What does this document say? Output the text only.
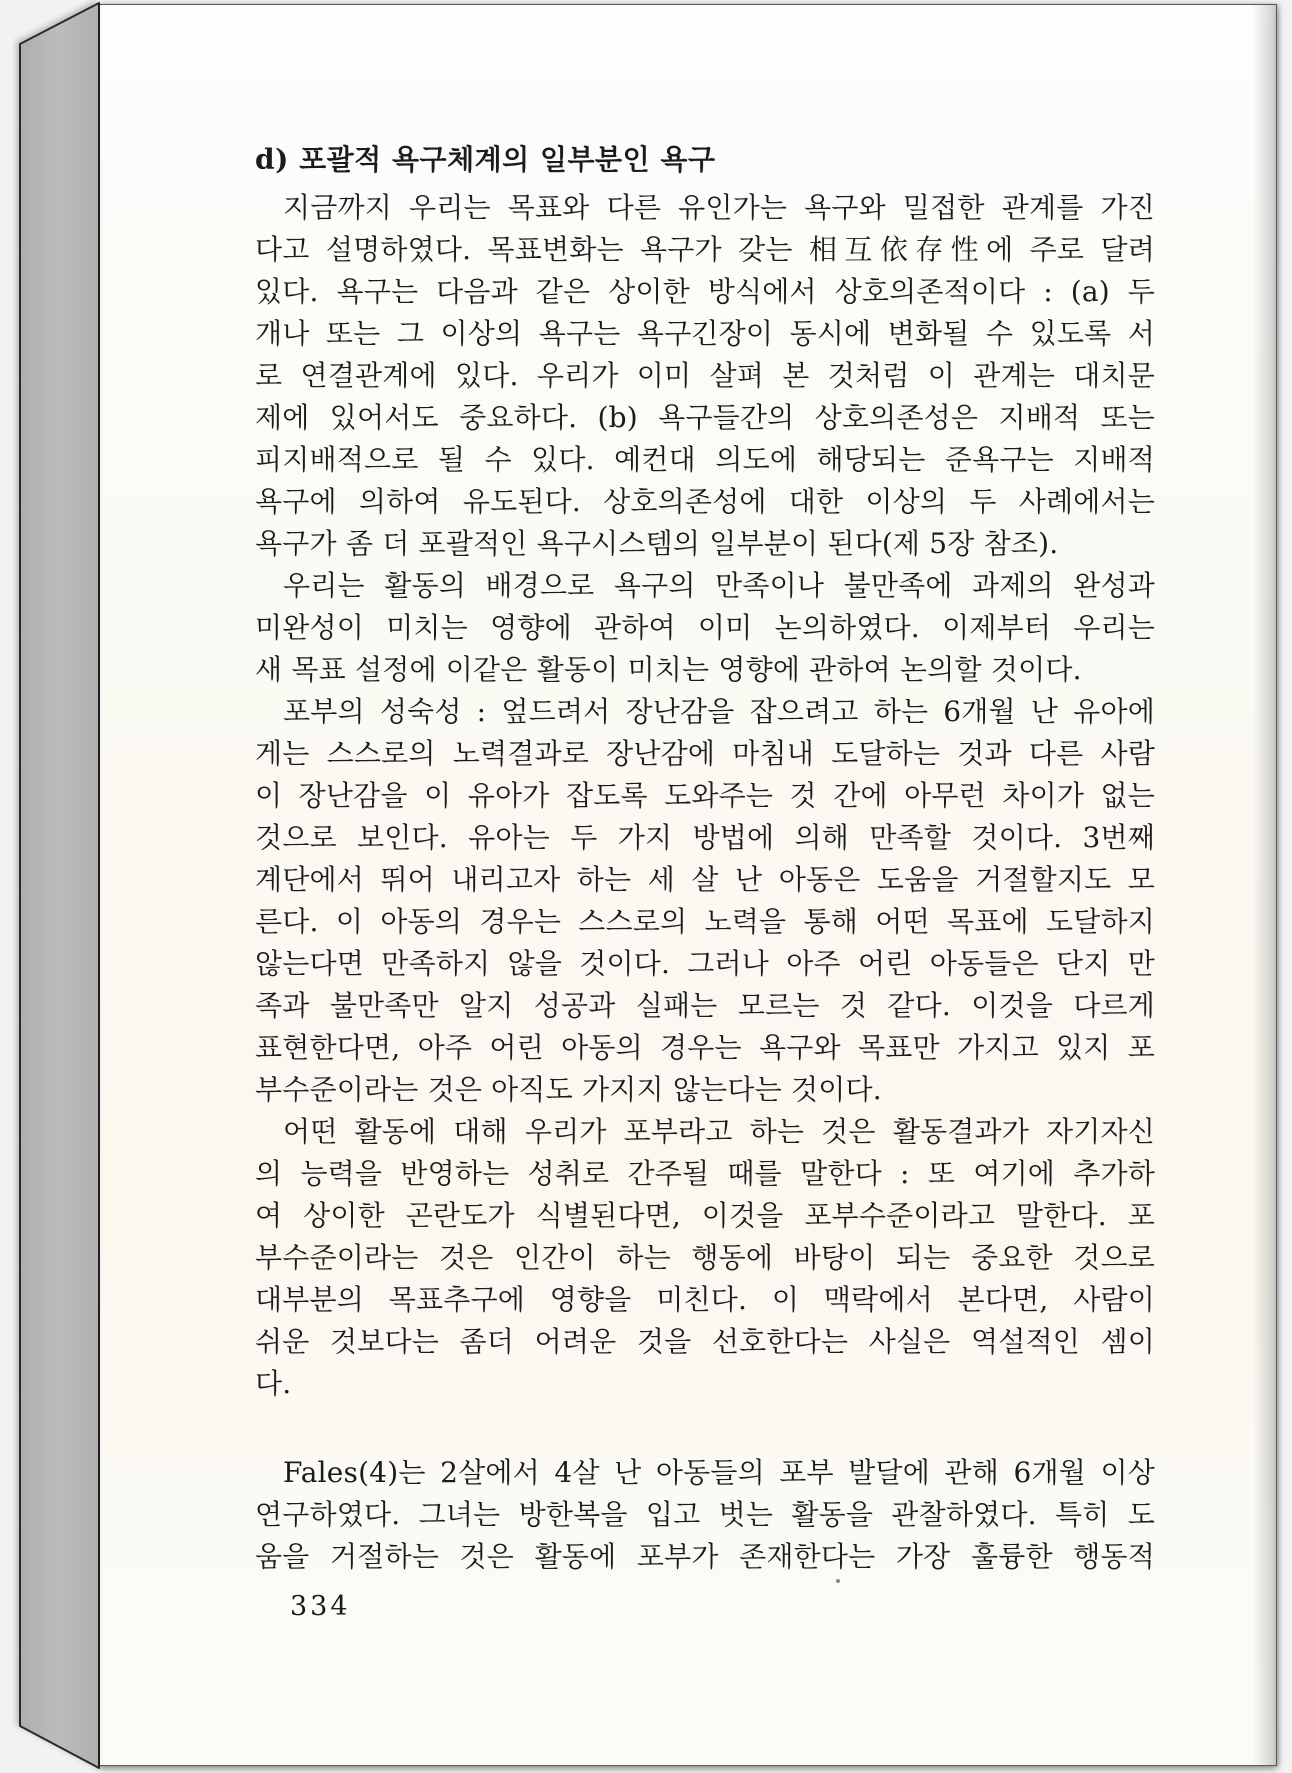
d) 포괄적 욕구체계의 일부분인 욕구
지금까지 우리는 목표와 다른 유인가는 욕구와 밀접한 관계를 가진
다고 설명하였다. 목표변화는 욕구가 갖는 相互依存性에 주로 달려
있다. 욕구는 다음과 같은 상이한 방식에서 상호의존적이다 : (a) 두
개나 또는 그 이상의 욕구는 욕구긴장이 동시에 변화될 수 있도록 서
로 연결관계에 있다. 우리가 이미 살펴 본 것처럼 이 관계는 대치문
제에 있어서도 중요하다. (b) 욕구들간의 상호의존성은 지배적 또는
피지배적으로 될 수 있다. 예컨대 의도에 해당되는 준욕구는 지배적
욕구에 의하여 유도된다. 상호의존성에 대한 이상의 두 사례에서는
욕구가 좀 더 포괄적인 욕구시스템의 일부분이 된다(제 5장 참조).
우리는 활동의 배경으로 욕구의 만족이나 불만족에 과제의 완성과
미완성이 미치는 영향에 관하여 이미 논의하였다. 이제부터 우리는
새 목표 설정에 이같은 활동이 미치는 영향에 관하여 논의할 것이다.
포부의 성숙성 : 엎드려서 장난감을 잡으려고 하는 6개월 난 유아에
게는 스스로의 노력결과로 장난감에 마침내 도달하는 것과 다른 사람
이 장난감을 이 유아가 잡도록 도와주는 것 간에 아무런 차이가 없는
것으로 보인다. 유아는 두 가지 방법에 의해 만족할 것이다. 3번째
계단에서 뛰어 내리고자 하는 세 살 난 아동은 도움을 거절할지도 모
른다. 이 아동의 경우는 스스로의 노력을 통해 어떤 목표에 도달하지
않는다면 만족하지 않을 것이다. 그러나 아주 어린 아동들은 단지 만
족과 불만족만 알지 성공과 실패는 모르는 것 같다. 이것을 다르게
표현한다면, 아주 어린 아동의 경우는 욕구와 목표만 가지고 있지 포
부수준이라는 것은 아직도 가지지 않는다는 것이다.
어떤 활동에 대해 우리가 포부라고 하는 것은 활동결과가 자기자신
의 능력을 반영하는 성취로 간주될 때를 말한다 : 또 여기에 추가하
여 상이한 곤란도가 식별된다면, 이것을 포부수준이라고 말한다. 포
부수준이라는 것은 인간이 하는 행동에 바탕이 되는 중요한 것으로
대부분의 목표추구에 영향을 미친다. 이 맥락에서 본다면, 사람이
쉬운 것보다는 좀더 어려운 것을 선호한다는 사실은 역설적인 셈이
다.
Fales(4)는 2살에서 4살 난 아동들의 포부 발달에 관해 6개월 이상
연구하였다. 그녀는 방한복을 입고 벗는 활동을 관찰하였다. 특히 도
움을 거절하는 것은 활동에 포부가 존재한다는 가장 훌륭한 행동적
334
